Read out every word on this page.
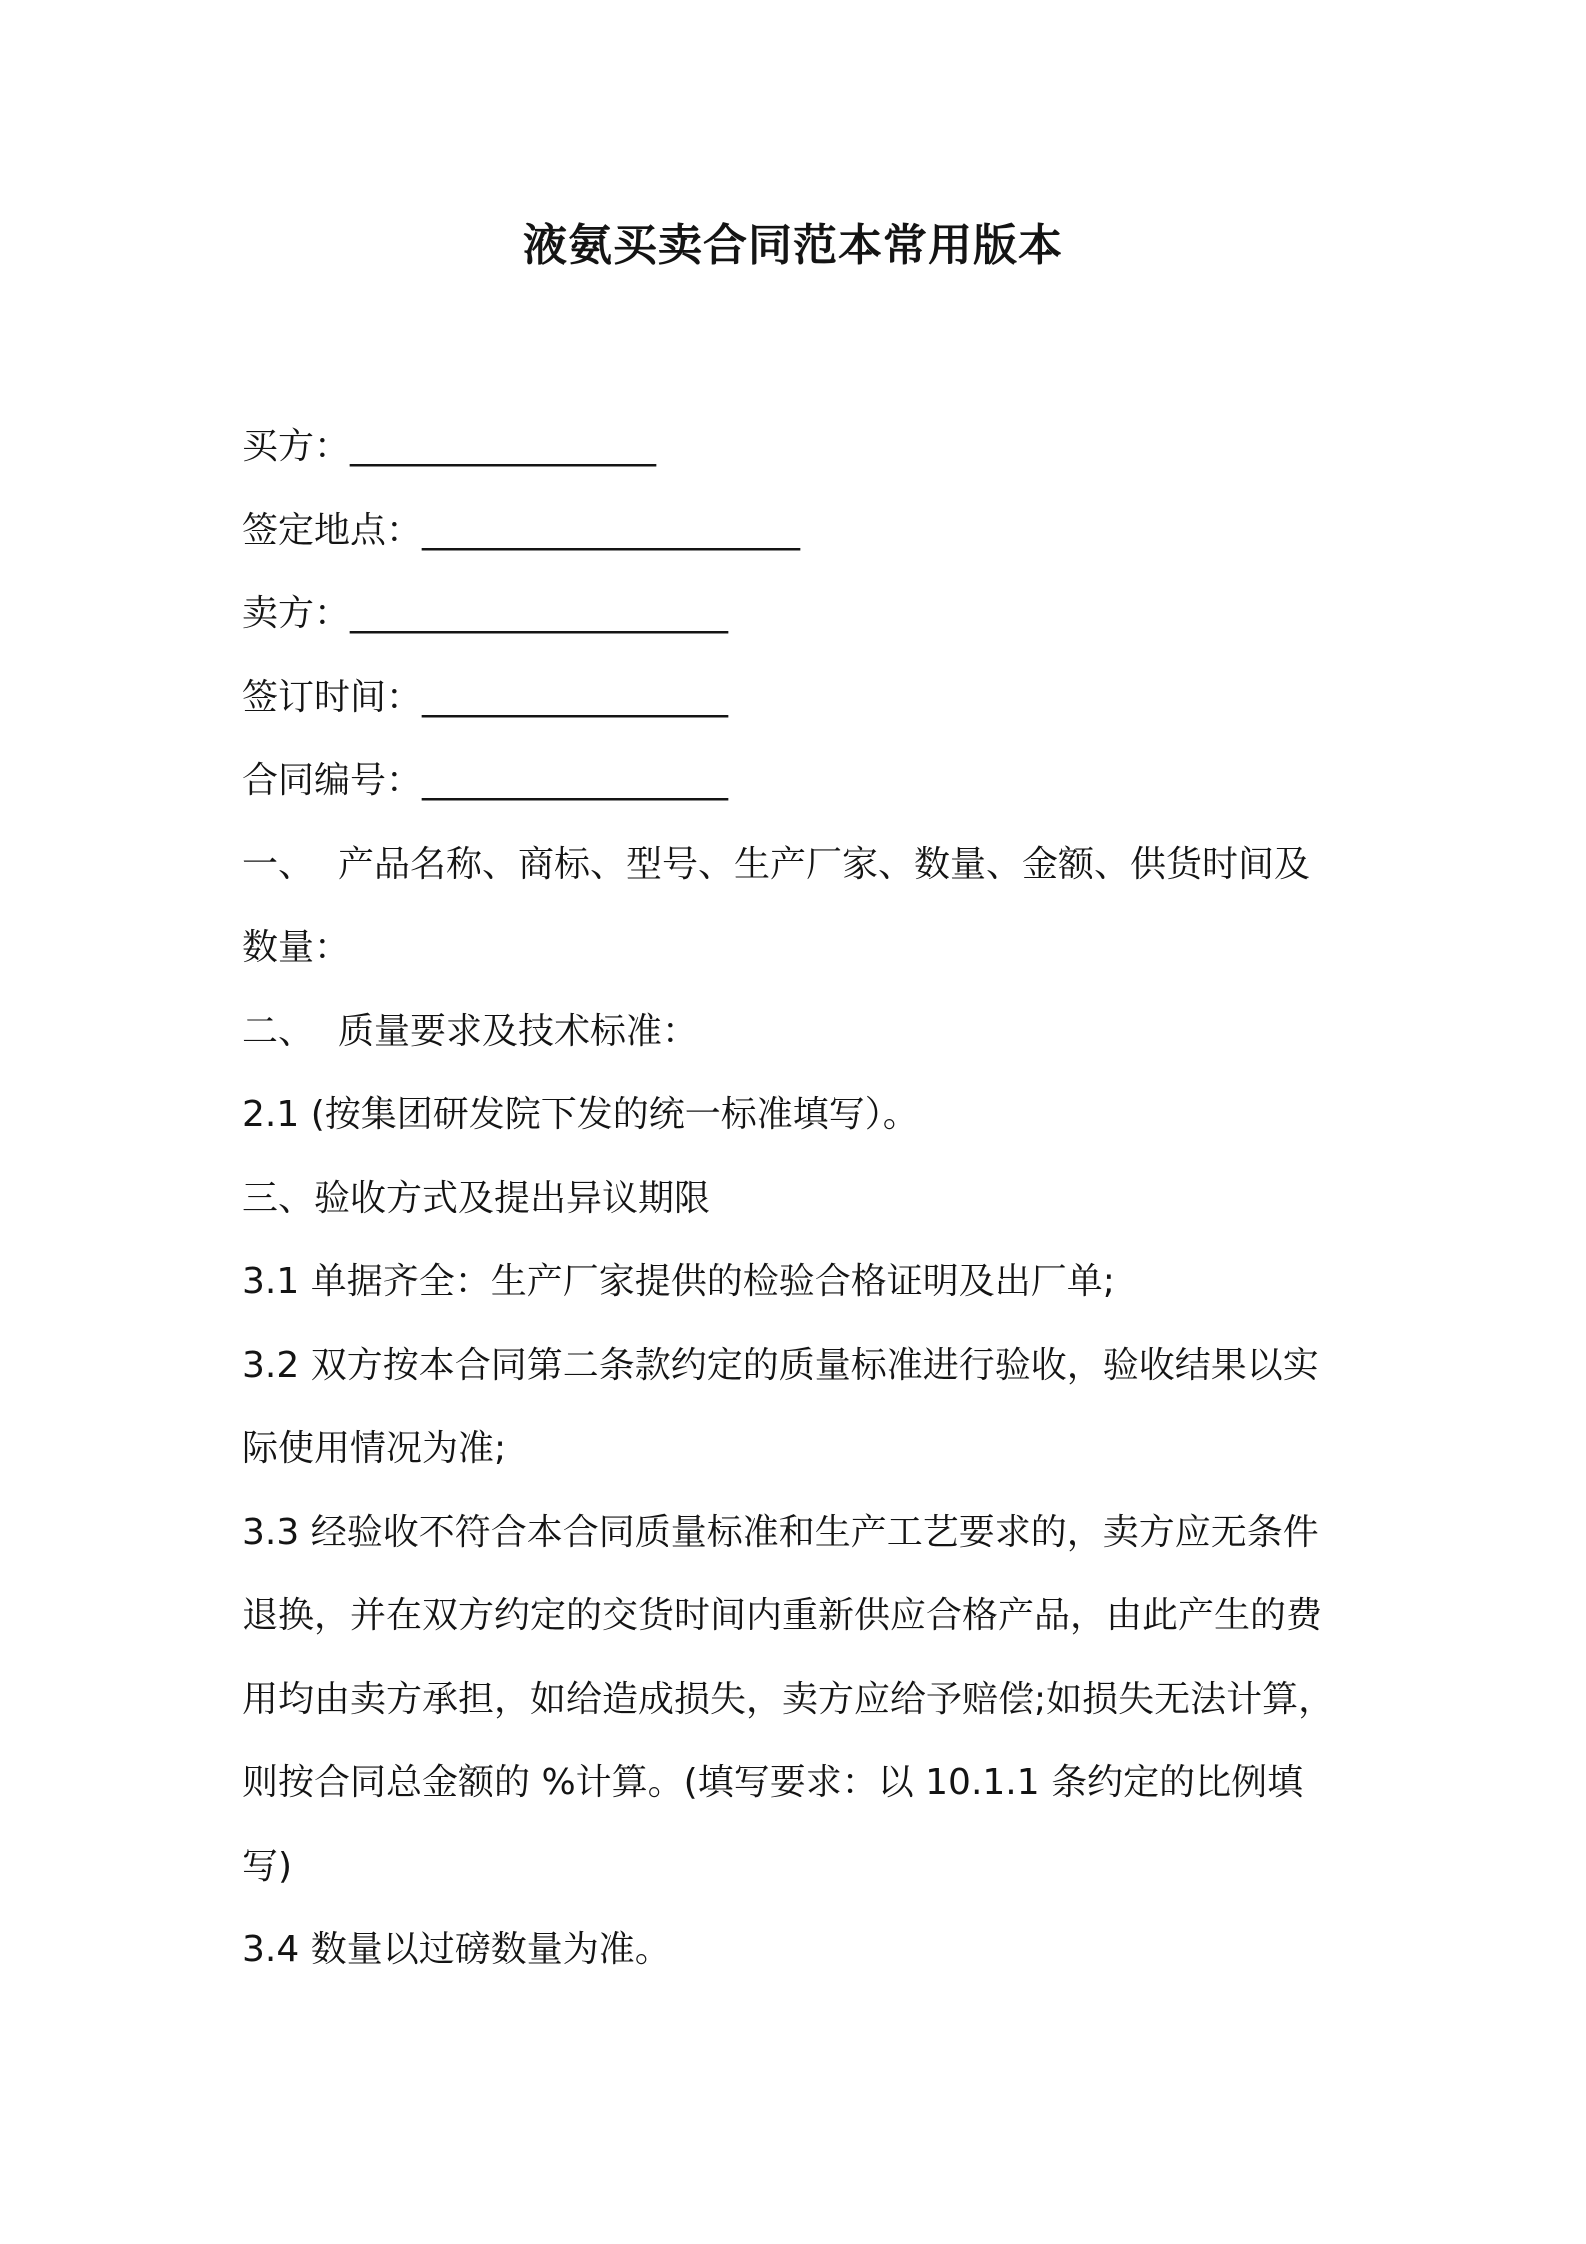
液氨买卖合同范本常用版本
买方：_________________
签定地点：_____________________
卖方：_____________________
签订时间：_________________
合同编号：_________________
一、 产品名称、商标、型号、生产厂家、数量、金额、供货时间及
数量：
二、 质量要求及技术标准：
2.1 (按集团研发院下发的统一标准填写）。
三、验收方式及提出异议期限
3.1 单据齐全：生产厂家提供的检验合格证明及出厂单;
3.2 双方按本合同第二条款约定的质量标准进行验收，验收结果以实
际使用情况为准;
3.3 经验收不符合本合同质量标准和生产工艺要求的，卖方应无条件
退换，并在双方约定的交货时间内重新供应合格产品，由此产生的费
用均由卖方承担，如给造成损失，卖方应给予赔偿;如损失无法计算，
则按合同总金额的 %计算。(填写要求：以 10.1.1 条约定的比例填
写)
3.4 数量以过磅数量为准。
